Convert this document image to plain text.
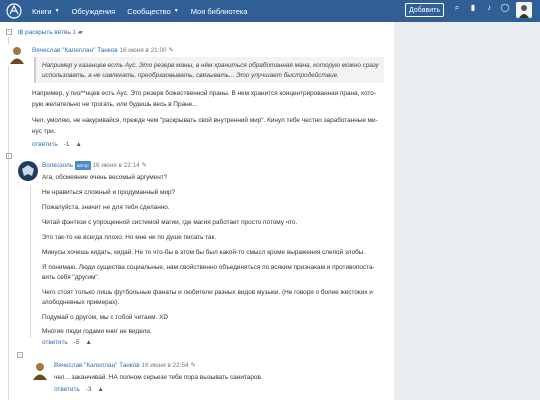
Книги ▼ Обсуждения Сообщество ▼ Моя библиотека	Добавить	⌕	▮	♪	◯
− ⊞ раскрыть ветвь 1 ▰
Вячеслав "Капеллан" Танков 16 июня в 21:00 ✎
Например у казанцев есть Аус. Это резерв маны, в нём храниться обработанная мана, которую можно сразу
использовать, а не извлекать, преобразовывать, связывать... Это улучшает быстродействие.
Например, у пиз**нцев есть Аус. Это резерв божественной праны. В нем хранится концентрированная прана, кото-
рую желательно не трогать, или будешь весь в Пране...
Чел, умоляю, не накуривайся, прежде чем "раскрывать свой внутренний мир". Кинул тебе честно заработанные ми-
нус три.
ответить -1 ▲
−
Волкозоль автор 16 июня в 22:14 ✎
Ага, обсмеяние очень весомый аргумент?
Не нравиться сложный и продуманный мир?
Пожалуйста, значит не для тебя сделанно.
Читай фэнтези с упрощенной системой магии, где магия работает просто потому что.
Это так-то не всегда плохо. Но мне не по душе писать так.
Минусы хочешь кидать, кидай. Не то что-бы в этом бы был какой-то смысл кроме выражения слепой злобы.
Я понимаю. Люди существа социальные, нам свойственно объединяться по всяким признакам и противопоста-
вить себя "другим".
Чего стоят только лишь футбольные фанаты и любители разных видов музыки. (Не говоря о более жестоких и
злободневных примерах).
Подумай о другом, мы с тобой читаем. XD
Многие люди годами книг не видели.
ответить -5 ▲
−
Вячеслав "Капеллан" Танков 16 июня в 22:54 ✎
чел... заканчивай. НА полном серьезе тебе пора вызывать санитаров.
ответить -3 ▲
